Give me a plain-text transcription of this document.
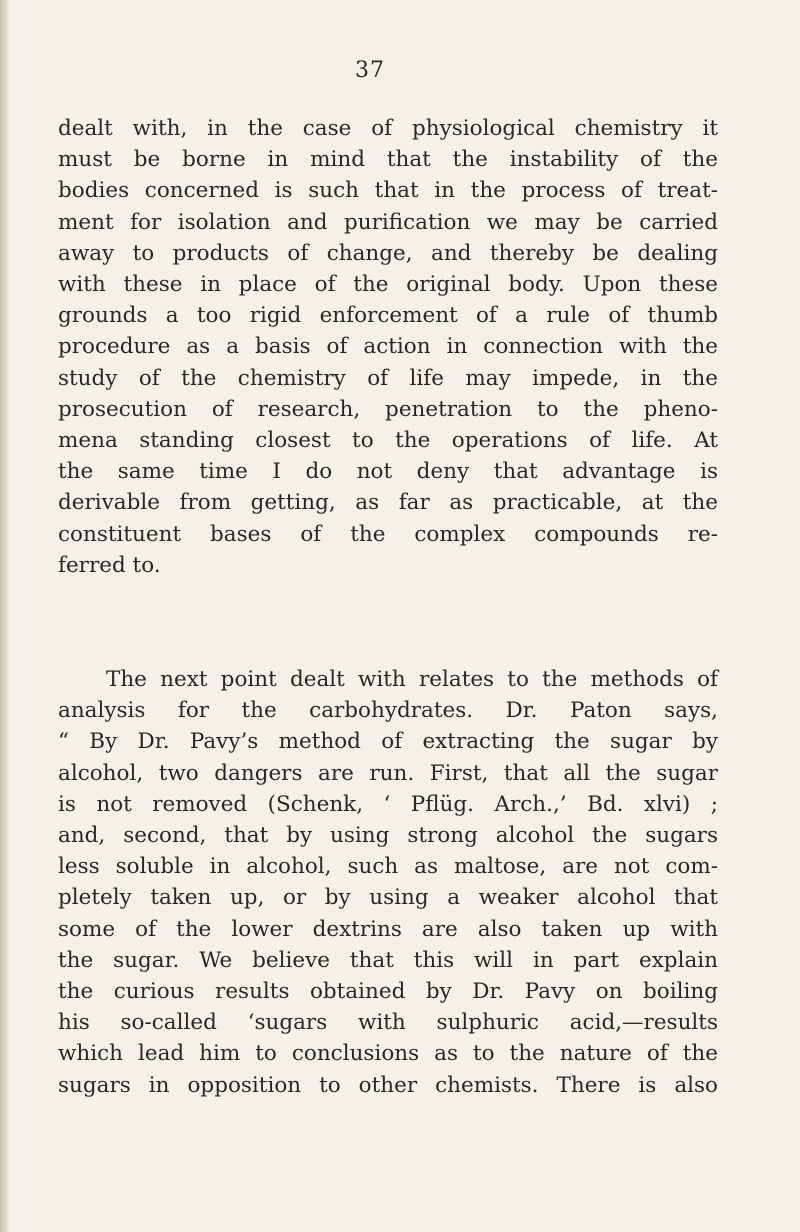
37
dealt with, in the case of physiological chemistry it
must be borne in mind that the instability of the
bodies concerned is such that in the process of treat-
ment for isolation and purification we may be carried
away to products of change, and thereby be dealing
with these in place of the original body. Upon these
grounds a too rigid enforcement of a rule of thumb
procedure as a basis of action in connection with the
study of the chemistry of life may impede, in the
prosecution of research, penetration to the pheno-
mena standing closest to the operations of life. At
the same time I do not deny that advantage is
derivable from getting, as far as practicable, at the
constituent bases of the complex compounds re-
ferred to.
The next point dealt with relates to the methods of
analysis for the carbohydrates. Dr. Paton says,
“ By Dr. Pavy’s method of extracting the sugar by
alcohol, two dangers are run. First, that all the sugar
is not removed (Schenk, ‘ Pflüg. Arch.,’ Bd. xlvi) ;
and, second, that by using strong alcohol the sugars
less soluble in alcohol, such as maltose, are not com-
pletely taken up, or by using a weaker alcohol that
some of the lower dextrins are also taken up with
the sugar. We believe that this will in part explain
the curious results obtained by Dr. Pavy on boiling
his so-called ‘sugars with sulphuric acid,—results
which lead him to conclusions as to the nature of the
sugars in opposition to other chemists. There is also
